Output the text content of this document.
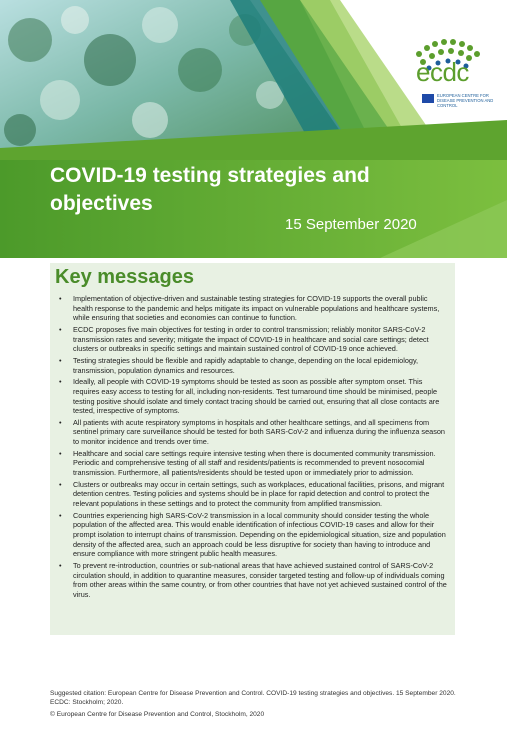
ecdc
EUROPEAN CENTRE FOR DISEASE PREVENTION AND CONTROL
COVID-19 testing strategies and objectives
15 September 2020
Key messages
• Implementation of objective-driven and sustainable testing strategies for COVID-19 supports the overall public health response to the pandemic and helps mitigate its impact on vulnerable populations and healthcare systems, while ensuring that societies and economies can continue to function.
• ECDC proposes five main objectives for testing in order to control transmission; reliably monitor SARS-CoV-2 transmission rates and severity; mitigate the impact of COVID-19 in healthcare and social care settings; detect clusters or outbreaks in specific settings and maintain sustained control of COVID-19 once achieved.
• Testing strategies should be flexible and rapidly adaptable to change, depending on the local epidemiology, transmission, population dynamics and resources.
• Ideally, all people with COVID-19 symptoms should be tested as soon as possible after symptom onset. This requires easy access to testing for all, including non-residents. Test turnaround time should be minimised, people testing positive should isolate and timely contact tracing should be carried out, ensuring that all close contacts are tested, irrespective of symptoms.
• All patients with acute respiratory symptoms in hospitals and other healthcare settings, and all specimens from sentinel primary care surveillance should be tested for both SARS-CoV-2 and influenza during the influenza season to monitor incidence and trends over time.
• Healthcare and social care settings require intensive testing when there is documented community transmission. Periodic and comprehensive testing of all staff and residents/patients is recommended to prevent nosocomial transmission. Furthermore, all patients/residents should be tested upon or immediately prior to admission.
• Clusters or outbreaks may occur in certain settings, such as workplaces, educational facilities, prisons, and migrant detention centres. Testing policies and systems should be in place for rapid detection and control to protect the relevant populations in these settings and to protect the community from amplified transmission.
• Countries experiencing high SARS-CoV-2 transmission in a local community should consider testing the whole population of the affected area. This would enable identification of infectious COVID-19 cases and allow for their prompt isolation to interrupt chains of transmission. Depending on the epidemiological situation, size and population density of the affected area, such an approach could be less disruptive for society than having to introduce and ensure compliance with more stringent public health measures.
• To prevent re-introduction, countries or sub-national areas that have achieved sustained control of SARS-CoV-2 circulation should, in addition to quarantine measures, consider targeted testing and follow-up of individuals coming from other areas within the same country, or from other countries that have not yet achieved sustained control of the virus.
Suggested citation: European Centre for Disease Prevention and Control. COVID-19 testing strategies and objectives. 15 September 2020. ECDC: Stockholm; 2020.
© European Centre for Disease Prevention and Control, Stockholm, 2020
